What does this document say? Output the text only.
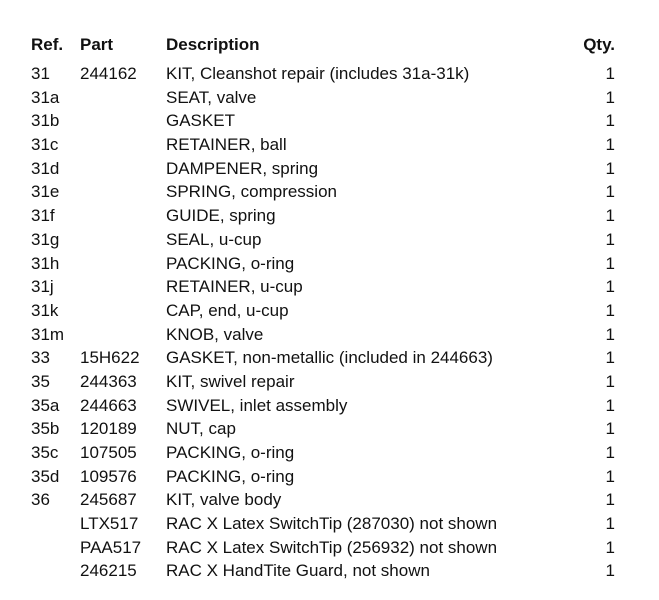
Ref. Part	Description	Qty.
31 244162 KIT, Cleanshot repair (includes 31a-31k)	1
31a	SEAT, valve	1
31b	GASKET	1
31c	RETAINER, ball	1
31d	DAMPENER, spring	1
31e	SPRING, compression	1
31f	GUIDE, spring	1
31g	SEAL, u-cup	1
31h	PACKING, o-ring	1
31j	RETAINER, u-cup	1
31k	CAP, end, u-cup	1
31m	KNOB, valve	1
33 15H622 GASKET, non-metallic (included in 244663)	1
35 244363 KIT, swivel repair	1
35a 244663 SWIVEL, inlet assembly	1
35b 120189 NUT, cap	1
35c 107505 PACKING, o-ring	1
35d 109576 PACKING, o-ring	1
36 245687 KIT, valve body	1
LTX517 RAC X Latex SwitchTip (287030) not shown	1
PAA517 RAC X Latex SwitchTip (256932) not shown	1
246215 RAC X HandTite Guard, not shown	1
